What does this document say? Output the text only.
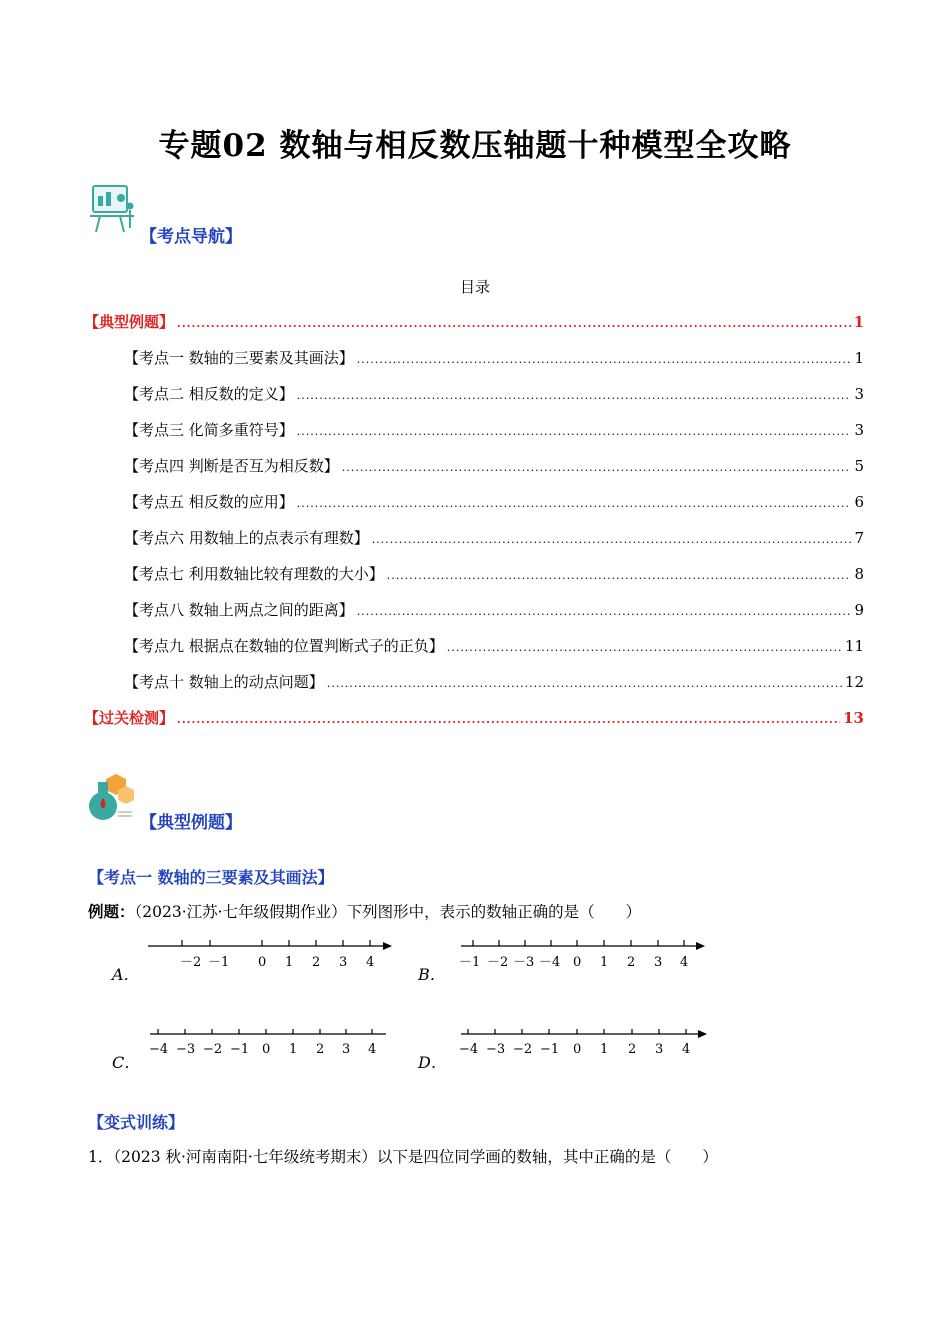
专题02 数轴与相反数压轴题十种模型全攻略
【考点导航】
目录
【典型例题】 .....	1
【考点一 数轴的三要素及其画法】 .....	1
【考点二 相反数的定义】 .....	3
【考点三 化简多重符号】 .....	3
【考点四 判断是否互为相反数】 .....	5
【考点五 相反数的应用】 .....	6
【考点六 用数轴上的点表示有理数】 .....	7
【考点七 利用数轴比较有理数的大小】 .....	8
【考点八 数轴上两点之间的距离】 .....	9
【考点九 根据点在数轴的位置判断式子的正负】 .....	11
【考点十 数轴上的动点问题】 .....	12
【过关检测】 .....	13
【典型例题】
【考点一 数轴的三要素及其画法】
例题：（2023·江苏·七年级假期作业）下列图形中，表示的数轴正确的是（　　）
A．
－2 －1 0 1 2 3 4
B．
－1 －2 －3 －4 0 1 2 3 4
C．
−4 −3 −2 −1 0 1 2 3 4
D．
−4 −3 −2 −1 0 1 2 3 4
【变式训练】
1．（2023 秋·河南南阳·七年级统考期末）以下是四位同学画的数轴，其中正确的是（　　）
